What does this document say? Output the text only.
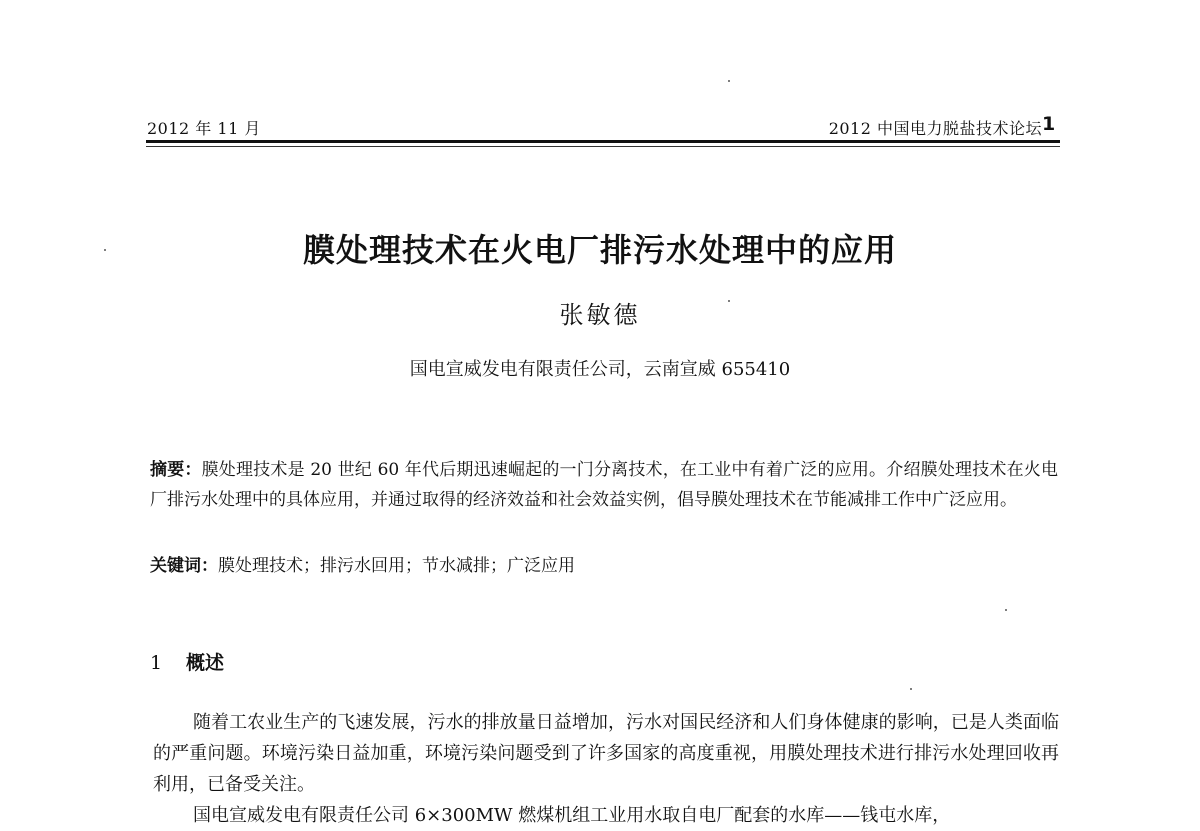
2012 年 11 月	2012 中国电力脱盐技术论坛 1
膜处理技术在火电厂排污水处理中的应用
张敏德
国电宣威发电有限责任公司，云南宣威 655410
摘要：膜处理技术是 20 世纪 60 年代后期迅速崛起的一门分离技术，在工业中有着广泛的应用。介绍膜处理技术在火电厂排污水处理中的具体应用，并通过取得的经济效益和社会效益实例，倡导膜处理技术在节能减排工作中广泛应用。
关键词：膜处理技术；排污水回用；节水减排；广泛应用
1 概述
随着工农业生产的飞速发展，污水的排放量日益增加，污水对国民经济和人们身体健康的影响，已是人类面临的严重问题。环境污染日益加重，环境污染问题受到了许多国家的高度重视，用膜处理技术进行排污水处理回收再利用，已备受关注。
国电宣威发电有限责任公司 6×300MW 燃煤机组工业用水取自电厂配套的水库——钱屯水库，
